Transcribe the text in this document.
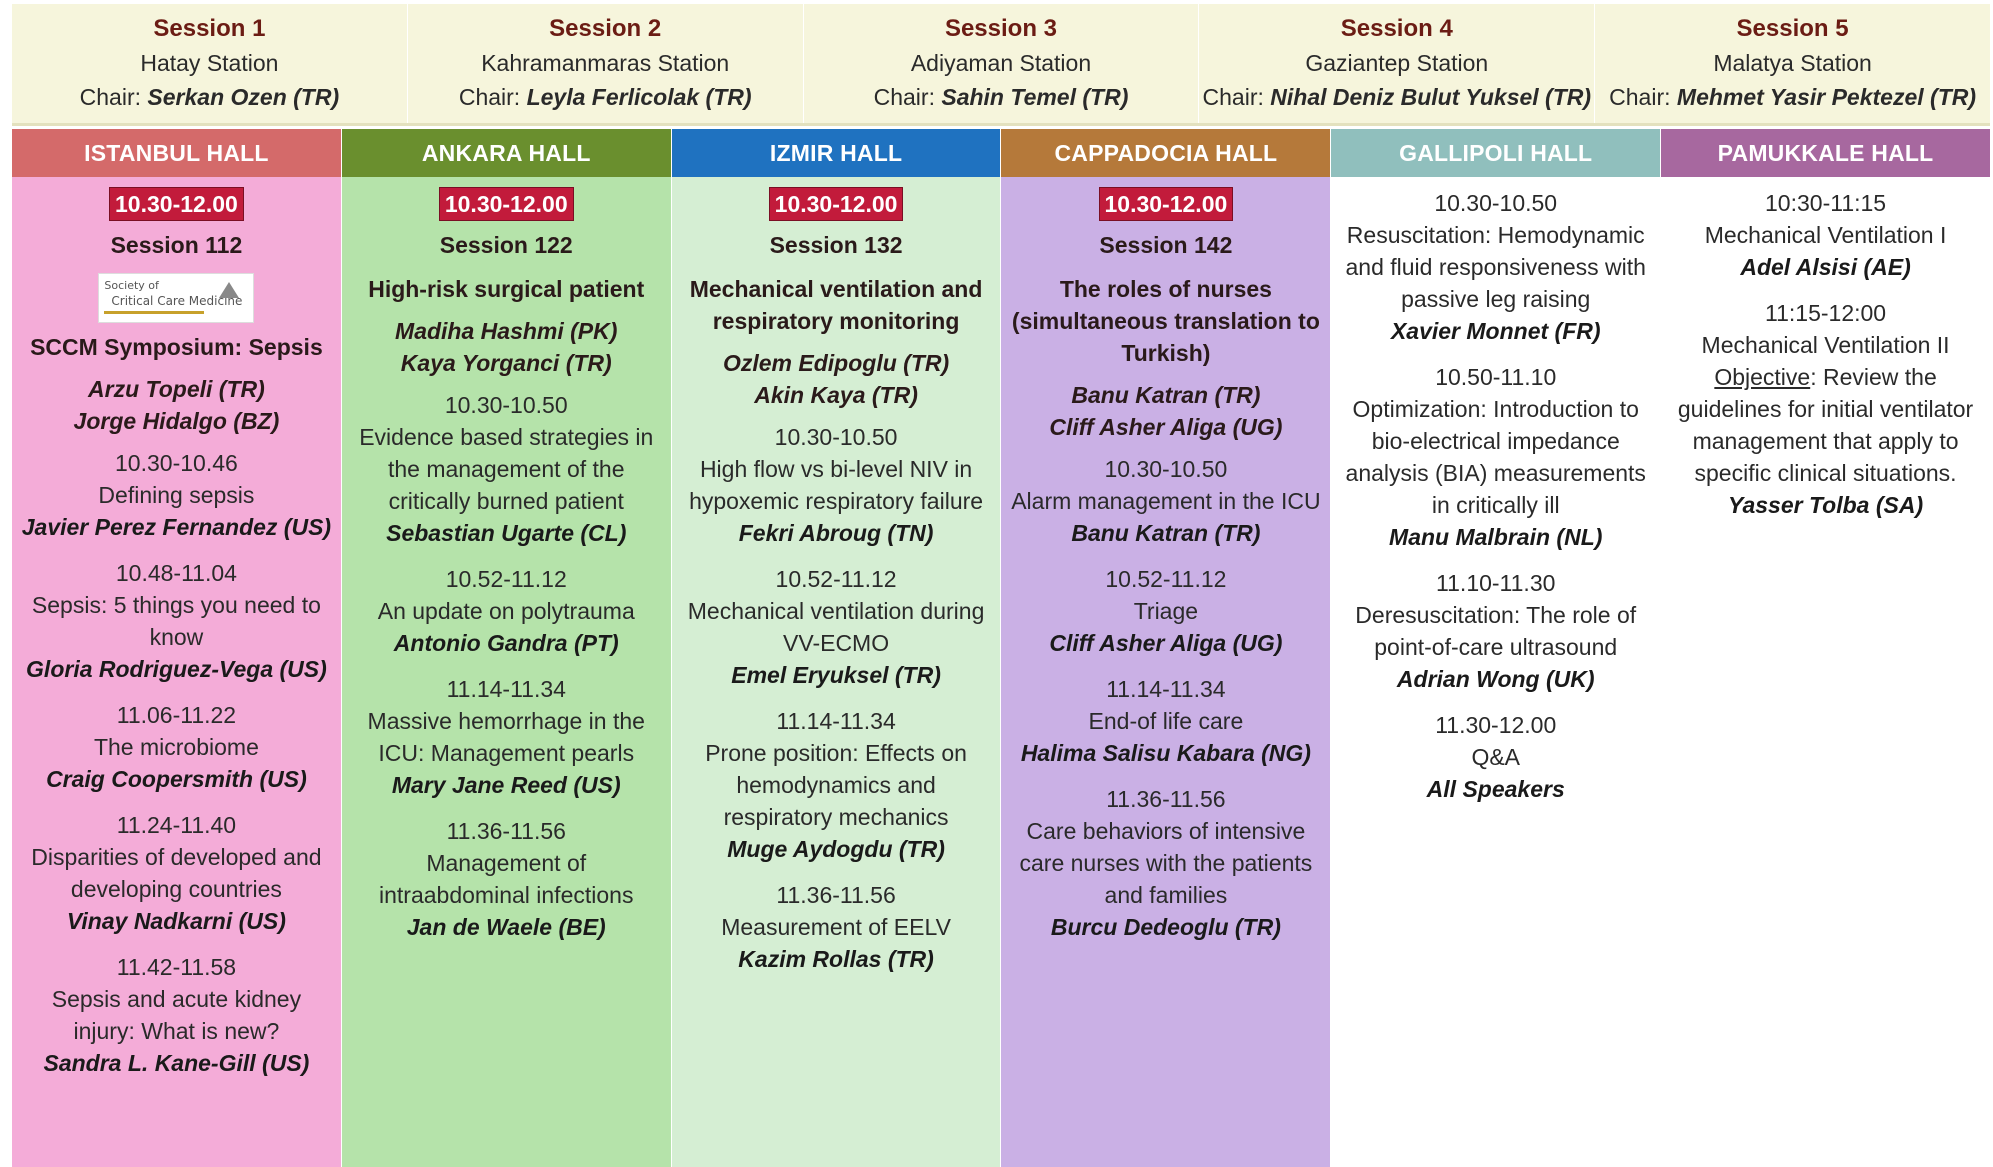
Session 1
Hatay Station
Chair: Serkan Ozen (TR)
Session 2
Kahramanmaras Station
Chair: Leyla Ferlicolak (TR)
Session 3
Adiyaman Station
Chair: Sahin Temel (TR)
Session 4
Gaziantep Station
Chair: Nihal Deniz Bulut Yuksel (TR)
Session 5
Malatya Station
Chair: Mehmet Yasir Pektezel (TR)
ISTANBUL HALL
10.30-12.00
Session 112
Society of
Critical Care Medicine
SCCM Symposium: Sepsis

Arzu Topeli (TR)

Jorge Hidalgo (BZ)

10.30-10.46

Defining sepsis

Javier Perez Fernandez (US)

10.48-11.04

Sepsis: 5 things you need to know

Gloria Rodriguez-Vega (US)

11.06-11.22

The microbiome

Craig Coopersmith (US)

11.24-11.40

Disparities of developed and developing countries

Vinay Nadkarni (US)

11.42-11.58

Sepsis and acute kidney injury: What is new?

Sandra L. Kane-Gill (US)

ANKARA HALL
10.30-12.00
Session 122
High-risk surgical patient

Madiha Hashmi (PK)

Kaya Yorganci (TR)

10.30-10.50

Evidence based strategies in the management of the critically burned patient

Sebastian Ugarte (CL)

10.52-11.12

An update on polytrauma

Antonio Gandra (PT)

11.14-11.34

Massive hemorrhage in the ICU: Management pearls

Mary Jane Reed (US)

11.36-11.56

Management of intraabdominal infections

Jan de Waele (BE)

IZMIR HALL
10.30-12.00
Session 132
Mechanical ventilation and respiratory monitoring

Ozlem Edipoglu (TR)

Akin Kaya (TR)

10.30-10.50

High flow vs bi-level NIV in hypoxemic respiratory failure

Fekri Abroug (TN)

10.52-11.12

Mechanical ventilation during VV-ECMO

Emel Eryuksel (TR)

11.14-11.34

Prone position: Effects on hemodynamics and respiratory mechanics

Muge Aydogdu (TR)

11.36-11.56

Measurement of EELV

Kazim Rollas (TR)

CAPPADOCIA HALL
10.30-12.00
Session 142
The roles of nurses (simultaneous translation to Turkish)

Banu Katran (TR)

Cliff Asher Aliga (UG)

10.30-10.50

Alarm management in the ICU

Banu Katran (TR)

10.52-11.12

Triage

Cliff Asher Aliga (UG)

11.14-11.34

End-of life care

Halima Salisu Kabara (NG)

11.36-11.56

Care behaviors of intensive care nurses with the patients and families

Burcu Dedeoglu (TR)

GALLIPOLI HALL

10.30-10.50

Resuscitation: Hemodynamic and fluid responsiveness with passive leg raising

Xavier Monnet (FR)

10.50-11.10

Optimization: Introduction to bio-electrical impedance analysis (BIA) measurements in critically ill

Manu Malbrain (NL)

11.10-11.30

Deresuscitation: The role of point-of-care ultrasound

Adrian Wong (UK)

11.30-12.00

Q&A

All Speakers

PAMUKKALE HALL

10:30-11:15

Mechanical Ventilation I

Adel Alsisi (AE)

11:15-12:00

Mechanical Ventilation II

Objective: Review the guidelines for initial ventilator management that apply to specific clinical situations.

Yasser Tolba (SA)
